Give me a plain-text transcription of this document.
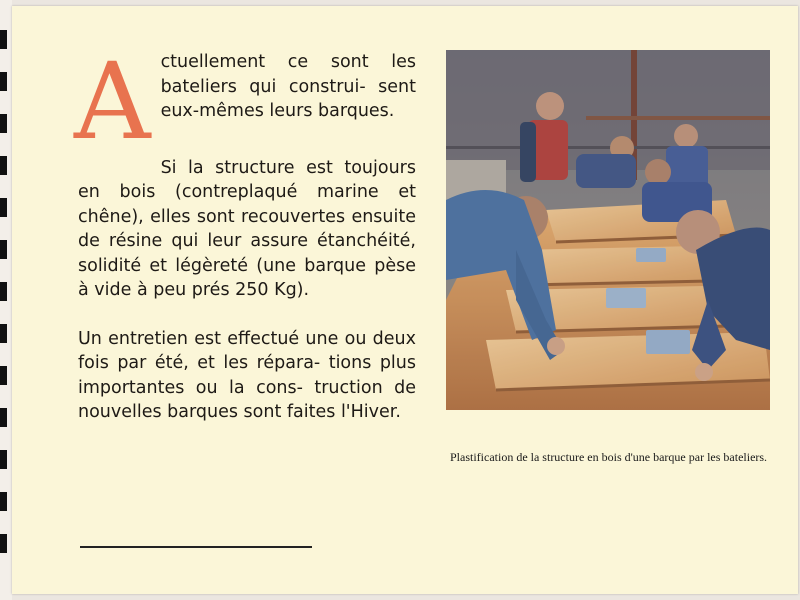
A ctuellement ce sont les bateliers qui construi- sent eux-mêmes leurs barques.

Si la structure est toujours en bois (contreplaqué marine et chêne), elles sont recouvertes ensuite de résine qui leur assure étanchéité, solidité et légèreté (une barque pèse à vide à peu prés 250 Kg).

Un entretien est effectué une ou deux fois par été, et les répara- tions plus importantes ou la cons- truction de nouvelles barques sont faites l'Hiver.

Plastification de la structure en bois d'une barque par les bateliers.
